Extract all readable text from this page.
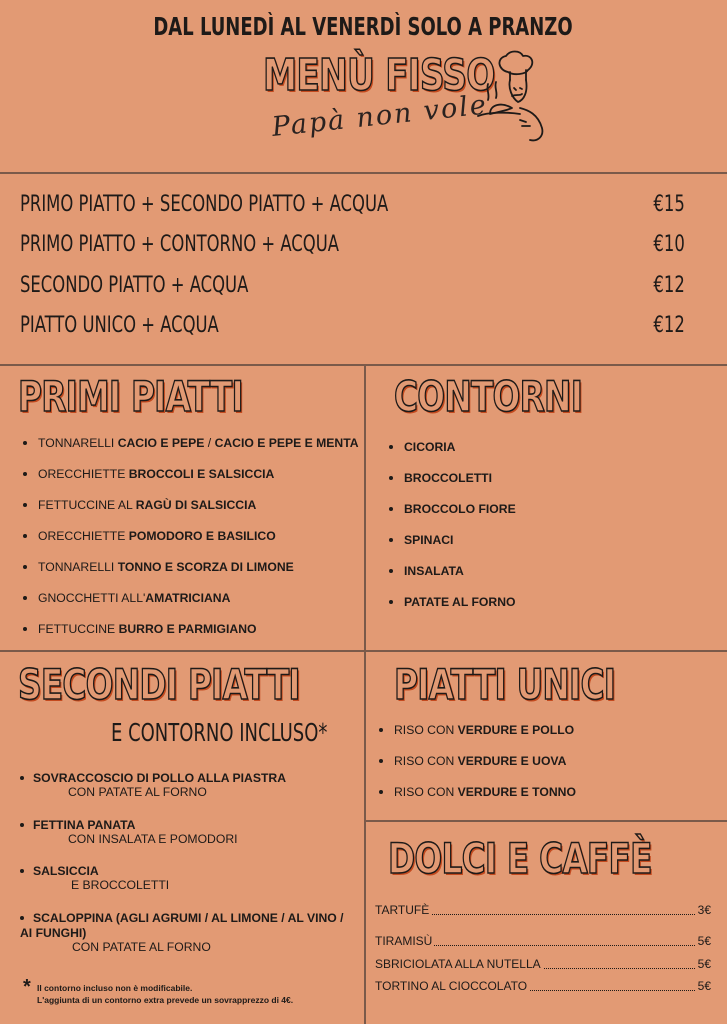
DAL LUNEDÌ AL VENERDÌ SOLO A PRANZO
MENÙ FISSO
Papà non vole
PRIMO PIATTO + SECONDO PIATTO + ACQUA	€15
PRIMO PIATTO + CONTORNO + ACQUA	€10
SECONDO PIATTO + ACQUA	€12
PIATTO UNICO + ACQUA	€12
PRIMI PIATTI
TONNARELLI CACIO E PEPE / CACIO E PEPE E MENTA
ORECCHIETTE BROCCOLI E SALSICCIA
FETTUCCINE AL RAGÙ DI SALSICCIA
ORECCHIETTE POMODORO E BASILICO
TONNARELLI TONNO E SCORZA DI LIMONE
GNOCCHETTI ALL'AMATRICIANA
FETTUCCINE BURRO E PARMIGIANO
CONTORNI
CICORIA
BROCCOLETTI
BROCCOLO FIORE
SPINACI
INSALATA
PATATE AL FORNO
SECONDI PIATTI
E CONTORNO INCLUSO*
SOVRACCOSCIO DI POLLO ALLA PIASTRA
CON PATATE AL FORNO
FETTINA PANATA
CON INSALATA E POMODORI
SALSICCIA
E BROCCOLETTI
SCALOPPINA (AGLI AGRUMI / AL LIMONE / AL VINO /
AI FUNGHI)
CON PATATE AL FORNO
* Il contorno incluso non è modificabile.
L'aggiunta di un contorno extra prevede un sovrapprezzo di 4€.
PIATTI UNICI
RISO CON VERDURE E POLLO
RISO CON VERDURE E UOVA
RISO CON VERDURE E TONNO
DOLCI E CAFFÈ
TARTUFÈ	3€
TIRAMISÙ	5€
SBRICIOLATA ALLA NUTELLA	5€
TORTINO AL CIOCCOLATO	5€
